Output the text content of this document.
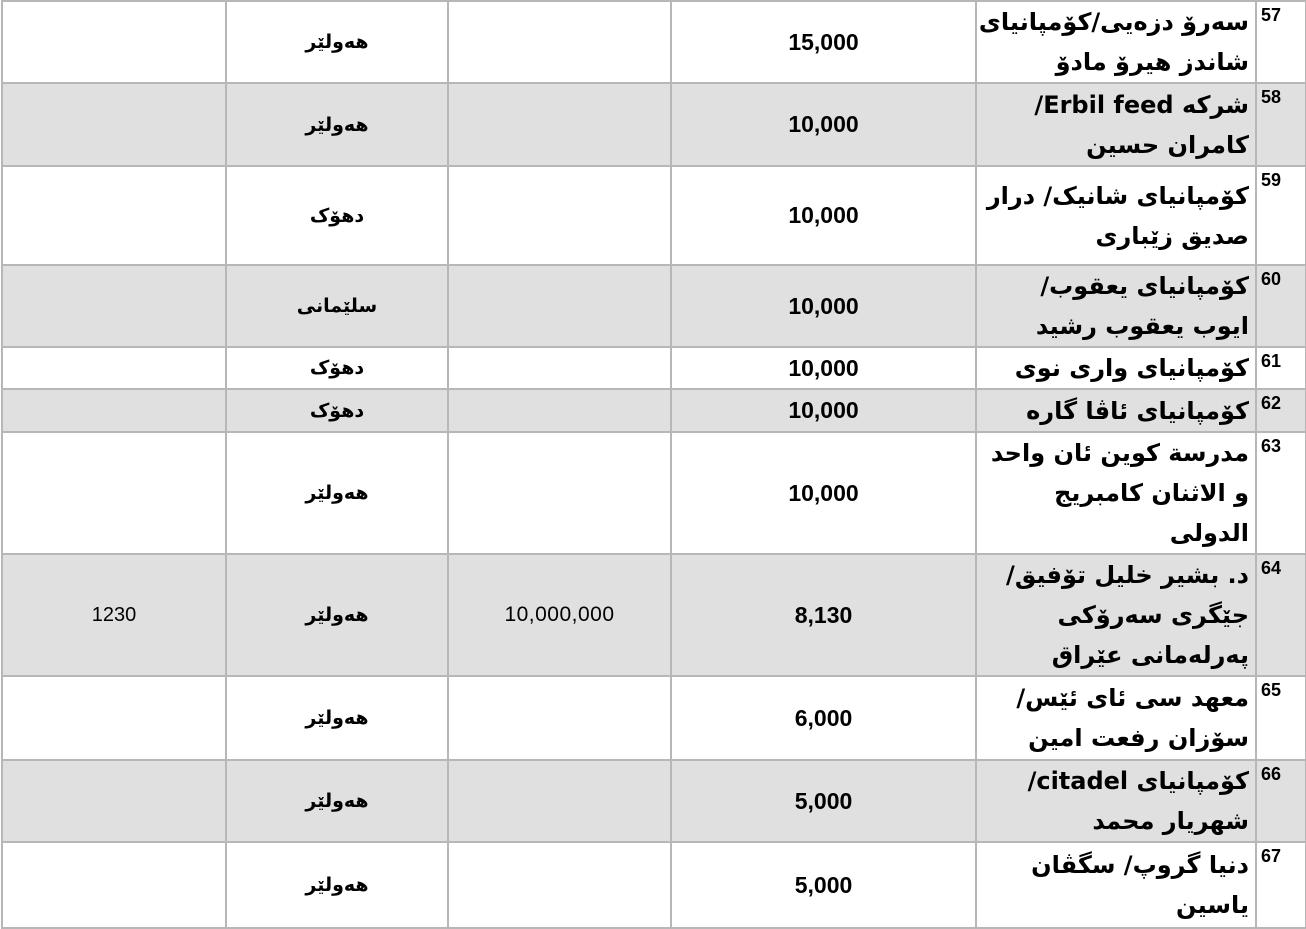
	هەولێر		15,000	سەرۆ دزەیی/کۆمپانیای شاندز هیرۆ مادۆ	57
	هەولێر		10,000	شرکه Erbil feed/کامران حسین	58
	دهۆک		10,000	کۆمپانیای شانیک/ درار صدیق زێباری	59
	سلێمانی		10,000	کۆمپانیای یعقوب/ ایوب یعقوب رشید	60
	دهۆک		10,000	کۆمپانیای واری نوی	61
	دهۆک		10,000	کۆمپانیای ئاڤا گاره	62
	هەولێر		10,000	مدرسة کوین ئان واحد و الاثنان کامبریج الدولی	63
1230	هەولێر	10,000,000	8,130	د. بشیر خلیل تۆفیق/ جێگری سەرۆکی پەرلەمانی عێراق	64
	هەولێر		6,000	معهد سی ئای ئێس/ سۆزان رفعت امین	65
	هەولێر		5,000	کۆمپانیای citadel/ شهریار محمد	66
	هەولێر		5,000	دنیا گروپ/ سگڤان یاسین	67
